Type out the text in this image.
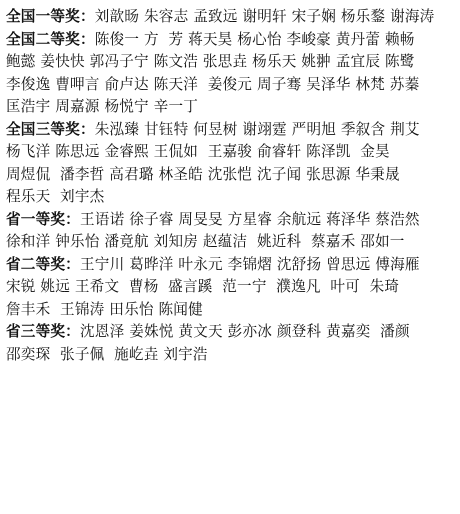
全国一等奖：刘歆旸 朱容志 孟致远 谢明轩 宋子娴 杨乐鍪 谢海涛
全国二等奖：陈俊一 方  芳 蒋天昊 杨心怡 李峻豪 黄丹蕾 赖畅
鲍懿 姜快快 郭冯子宁 陈文浩 张思垚 杨乐天 姚翀 孟宜辰 陈鹭
李俊逸 曹呷言 俞卢达 陈天洋  姜俊元 周子骞 吴泽华 林梵 苏蓁
匡浩宇 周嘉源 杨悦宁 辛一丁
全国三等奖：朱泓臻 甘钰特 何昱树 谢翊霆 严明旭 季叙含 荆艾
杨飞洋 陈思远 金睿熙 王侃如  王嘉骏 俞睿轩 陈泽凯  金昊
周煜侃  潘李哲 高君璐 林圣皓 沈张恺 沈子闻 张思源 华秉晟
程乐天  刘宇杰
省一等奖：王语诺 徐子睿 周旻旻 方星睿 余航远 蒋泽华 蔡浩然
徐和洋 钟乐怡 潘竟航 刘知房 赵蕴洁  姚近科  蔡嘉禾 邵如一
省二等奖：王宁川 葛晔洋 叶永元 李锦熠 沈舒扬 曾思远 傅海雁
宋锐 姚远 王希文  曹杨  盛言蹊  范一宁  濮逸凡  叶可  朱琦
詹丰禾  王锦涛 田乐怡 陈闻健
省三等奖：沈恩泽 姜姝悦 黄文天 彭亦冰 颜登科 黄嘉奕  潘颜
邵奕琛  张子佩  施屹垚 刘宇浩
